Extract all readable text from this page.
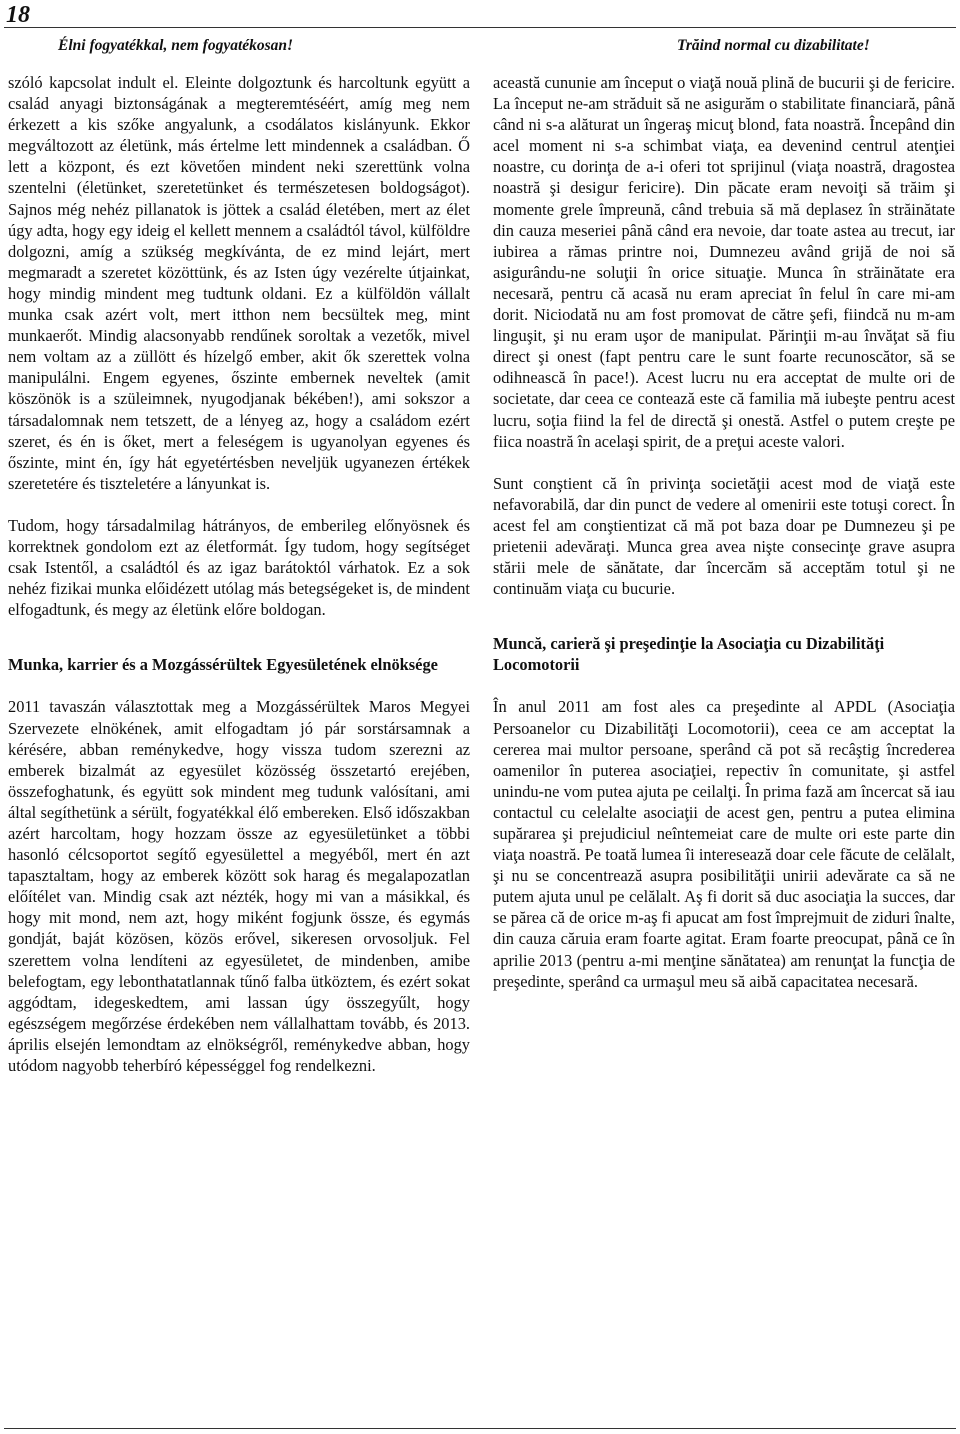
18
Élni fogyatékkal, nem fogyatékosan!	Trăind normal cu dizabilitate!

szóló kapcsolat indult el. Eleinte dolgoztunk és harcoltunk együtt a család anyagi biztonságának a megteremtéséért, amíg meg nem érkezett a kis szőke angyalunk, a csodálatos kislányunk. Ekkor megváltozott az életünk, más értelme lett mindennek a családban. Ő lett a központ, és ezt követően mindent neki szerettünk volna szentelni (életünket, szeretetünket és természetesen boldogságot). Sajnos még nehéz pillanatok is jöttek a család életében, mert az élet úgy adta, hogy egy ideig el kellett mennem a családtól távol, külföldre dolgozni, amíg a szükség megkívánta, de ez mind lejárt, mert megmaradt a szeretet közöttünk, és az Isten úgy vezérelte útjainkat, hogy mindig mindent meg tudtunk oldani. Ez a külföldön vállalt munka csak azért volt, mert itthon nem becsültek meg, mint munkaerőt. Mindig alacsonyabb rendűnek soroltak a vezetők, mivel nem voltam az a züllött és hízelgő ember, akit ők szerettek volna manipulálni. Engem egyenes, őszinte embernek neveltek (amit köszönök is a szüleimnek, nyugodjanak békében!), ami sokszor a társadalomnak nem tetszett, de a lényeg az, hogy a családom ezért szeret, és én is őket, mert a feleségem is ugyanolyan egyenes és őszinte, mint én, így hát egyetértésben neveljük ugyanezen értékek szeretetére és tiszteletére a lányunkat is.

Tudom, hogy társadalmilag hátrányos, de emberileg előnyösnek és korrektnek gondolom ezt az életformát. Így tudom, hogy segítséget csak Istentől, a családtól és az igaz barátoktól várhatok. Ez a sok nehéz fizikai munka előidézett utólag más betegségeket is, de mindent elfogadtunk, és megy az életünk előre boldogan.

Munka, karrier és a Mozgássérültek Egyesületének elnöksége

2011 tavaszán választottak meg a Mozgássérültek Maros Megyei Szervezete elnökének, amit elfogadtam jó pár sorstársamnak a kérésére, abban reménykedve, hogy vissza tudom szerezni az emberek bizalmát az egyesület közösség összetartó erejében, összefoghatunk, és együtt sok mindent meg tudunk valósítani, ami által segíthetünk a sérült, fogyatékkal élő embereken. Első időszakban azért harcoltam, hogy hozzam össze az egyesületünket a többi hasonló célcsoportot segítő egyesülettel a megyéből, mert én azt tapasztaltam, hogy az emberek között sok harag és megalapozatlan előítélet van. Mindig csak azt nézték, hogy mi van a másikkal, és hogy mit mond, nem azt, hogy miként fogjunk össze, és egymás gondját, baját közösen, közös erővel, sikeresen orvosoljuk. Fel szerettem volna lendíteni az egyesületet, de mindenben, amibe belefogtam, egy lebonthatatlannak tűnő falba ütköztem, és ezért sokat aggódtam, idegeskedtem, ami lassan úgy összegyűlt, hogy egészségem megőrzése érdekében nem vállalhattam tovább, és 2013. április elsején lemondtam az elnökségről, reménykedve abban, hogy utódom nagyobb teherbíró képességgel fog rendelkezni.

această cununie am început o viaţă nouă plină de bucurii şi de fericire. La început ne-am străduit să ne asigurăm o stabilitate financiară, până când ni s-a alăturat un îngeraş micuţ blond, fata noastră. Începând din acel moment ni s-a schimbat viaţa, ea devenind centrul atenţiei noastre, cu dorinţa de a-i oferi tot sprijinul (viaţa noastră, dragostea noastră şi desigur fericire). Din păcate eram nevoiţi să trăim şi momente grele împreună, când trebuia să mă deplasez în străinătate din cauza meseriei până când era nevoie, dar toate astea au trecut, iar iubirea a rămas printre noi, Dumnezeu având grijă de noi să asigurându-ne soluţii în orice situaţie. Munca în străinătate era necesară, pentru că acasă nu eram apreciat în felul în care mi-am dorit. Niciodată nu am fost promovat de către şefi, fiindcă nu m-am linguşit, şi nu eram uşor de manipulat. Părinţii m-au învăţat să fiu direct şi onest (fapt pentru care le sunt foarte recunoscător, să se odihnească în pace!). Acest lucru nu era acceptat de multe ori de societate, dar ceea ce contează este că familia mă iubeşte pentru acest lucru, soţia fiind la fel de directă şi onestă. Astfel o putem creşte pe fiica noastră în acelaşi spirit, de a preţui aceste valori.

Sunt conştient că în privinţa societăţii acest mod de viaţă este nefavorabilă, dar din punct de vedere al omenirii este totuşi corect. În acest fel am conştientizat că mă pot baza doar pe Dumnezeu şi pe prietenii adevăraţi. Munca grea avea nişte consecinţe grave asupra stării mele de sănătate, dar încercăm să acceptăm totul şi ne continuăm viaţa cu bucurie.

Muncă, carieră şi preşedinţie la Asociaţia cu Dizabilităţi Locomotorii

În anul 2011 am fost ales ca preşedinte al APDL (Asociaţia Persoanelor cu Dizabilităţi Locomotorii), ceea ce am acceptat la cererea mai multor persoane, sperând că pot să recâştig încrederea oamenilor în puterea asociaţiei, repectiv în comunitate, şi astfel unindu-ne vom putea ajuta pe ceilalţi. În prima fază am încercat să iau contactul cu celelalte asociaţii de acest gen, pentru a putea elimina supărarea şi prejudiciul neîntemeiat care de multe ori este parte din viaţa noastră. Pe toată lumea îi interesează doar cele făcute de celălalt, şi nu se concentrează asupra posibilităţii unirii adevărate ca să ne putem ajuta unul pe celălalt. Aş fi dorit să duc asociaţia la succes, dar se părea că de orice m-aş fi apucat am fost împrejmuit de ziduri înalte, din cauza căruia eram foarte agitat. Eram foarte preocupat, până ce în aprilie 2013 (pentru a-mi menţine sănătatea) am renunţat la funcţia de preşedinte, sperând ca urmaşul meu să aibă capacitatea necesară.
